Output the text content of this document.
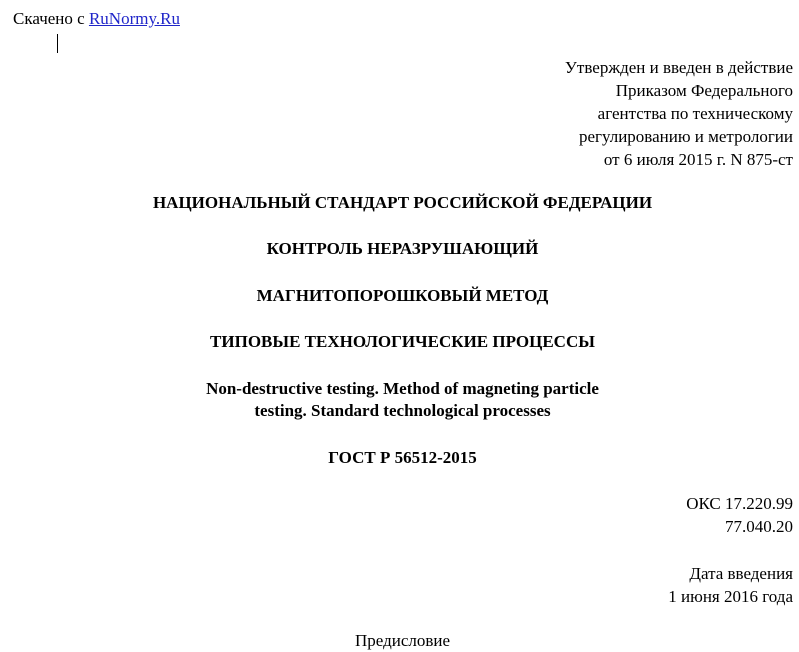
Скачено с RuNormy.Ru
Утвержден и введен в действие
Приказом Федерального
агентства по техническому
регулированию и метрологии
от 6 июля 2015 г. N 875-ст
НАЦИОНАЛЬНЫЙ СТАНДАРТ РОССИЙСКОЙ ФЕДЕРАЦИИ
КОНТРОЛЬ НЕРАЗРУШАЮЩИЙ
МАГНИТОПОРОШКОВЫЙ МЕТОД
ТИПОВЫЕ ТЕХНОЛОГИЧЕСКИЕ ПРОЦЕССЫ
Non-destructive testing. Method of magneting particle
testing. Standard technological processes
ГОСТ Р 56512-2015
ОКС 17.220.99
77.040.20
Дата введения
1 июня 2016 года
Предисловие
